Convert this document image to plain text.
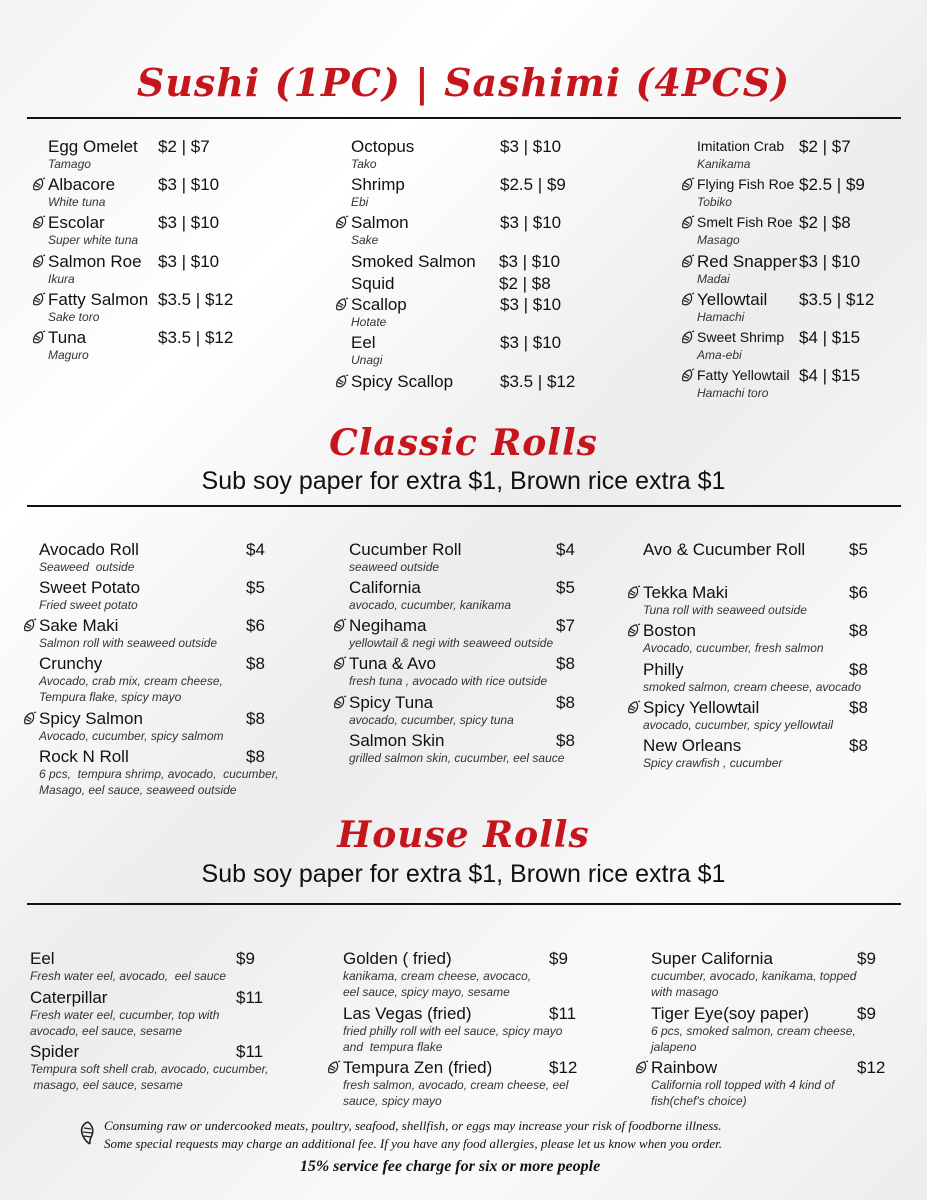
Sushi (1PC) | Sashimi (4PCS)
Classic Rolls
Sub soy paper for extra $1, Brown rice extra $1
House Rolls
Sub soy paper for extra $1, Brown rice extra $1
Egg Omelet $2 | $7
Tamago
Albacore	$3 | $10
White tuna
Escolar	$3 | $10
Super white tuna
Salmon Roe $3 | $10
Ikura
Fatty Salmon $3.5 | $12
Sake toro
Tuna	$3.5 | $12
Maguro
Octopus	$3 | $10
Tako
Shrimp	$2.5 | $9
Ebi
Salmon	$3 | $10
Sake
Smoked Salmon $3 | $10
Squid	$2 | $8
Scallop	$3 | $10
Hotate
Eel	$3 | $10
Unagi
Spicy Scallop	$3.5 | $12
Imitation Crab $2 | $7
Kanikama
Flying Fish Roe $2.5 | $9
Tobiko
Smelt Fish Roe $2 | $8
Masago
Red Snapper $3 | $10
Madai
Yellowtail $3.5 | $12
Hamachi
Sweet Shrimp $4 | $15
Ama-ebi
Fatty Yellowtail $4 | $15
Hamachi toro
Avocado Roll	$4
Seaweed  outside
Sweet Potato	$5
Fried sweet potato
Sake Maki	$6
Salmon roll with seaweed outside
Crunchy	$8
Avocado, crab mix, cream cheese,
Tempura flake, spicy mayo
Spicy Salmon	$8
Avocado, cucumber, spicy salmom
Rock N Roll	$8
6 pcs,  tempura shrimp, avocado,  cucumber,
Masago, eel sauce, seaweed outside
Cucumber Roll	$4
seaweed outside
California	$5
avocado, cucumber, kanikama
Negihama	$7
yellowtail & negi with seaweed outside
Tuna & Avo	$8
fresh tuna , avocado with rice outside
Spicy Tuna	$8
avocado, cucumber, spicy tuna
Salmon Skin	$8
grilled salmon skin, cucumber, eel sauce
Avo & Cucumber Roll	$5
Tekka Maki	$6
Tuna roll with seaweed outside
Boston	$8
Avocado, cucumber, fresh salmon
Philly	$8
smoked salmon, cream cheese, avocado
Spicy Yellowtail	$8
avocado, cucumber, spicy yellowtail
New Orleans	$8
Spicy crawfish , cucumber
Eel	$9
Fresh water eel, avocado,  eel sauce
Caterpillar	$11
Fresh water eel, cucumber, top with
avocado, eel sauce, sesame
Spider	$11
Tempura soft shell crab, avocado, cucumber,
masago, eel sauce, sesame
Golden ( fried)	$9
kanikama, cream cheese, avocaco,
eel sauce, spicy mayo, sesame
Las Vegas (fried)	$11
fried philly roll with eel sauce, spicy mayo
and  tempura flake
Tempura Zen (fried)	$12
fresh salmon, avocado, cream cheese, eel
sauce, spicy mayo
Super California	$9
cucumber, avocado, kanikama, topped
with masago
Tiger Eye(soy paper)	$9
6 pcs, smoked salmon, cream cheese,
jalapeno
Rainbow	$12
California roll topped with 4 kind of
fish(chef's choice)
Consuming raw or undercooked meats, poultry, seafood, shellfish, or eggs may increase your risk of foodborne illness.
Some special requests may charge an additional fee. If you have any food allergies, please let us know when you order.
15% service fee charge for six or more people
